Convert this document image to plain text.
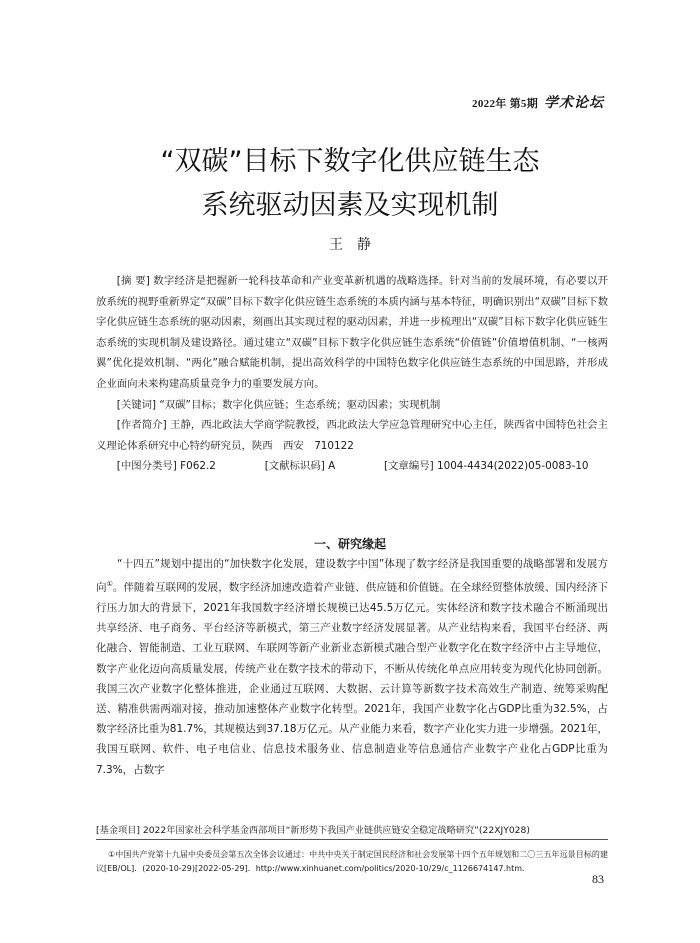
2022年 第5期 学术论坛
“双碳”目标下数字化供应链生态
系统驱动因素及实现机制
王静

[摘 要] 数字经济是把握新一轮科技革命和产业变革新机遇的战略选择。针对当前的发展环境，有必要以开放系统的视野重新界定“双碳”目标下数字化供应链生态系统的本质内涵与基本特征，明确识别出“双碳”目标下数字化供应链生态系统的驱动因素，刻画出其实现过程的驱动因素，并进一步梳理出“双碳”目标下数字化供应链生态系统的实现机制及建设路径。通过建立“双碳”目标下数字化供应链生态系统“价值链”价值增值机制、“一核两翼”优化提效机制、“两化”融合赋能机制，提出高效科学的中国特色数字化供应链生态系统的中国思路，并形成企业面向未来构建高质量竞争力的重要发展方向。

[关键词] “双碳”目标；数字化供应链；生态系统；驱动因素；实现机制

[作者简介] 王静，西北政法大学商学院教授，西北政法大学应急管理研究中心主任，陕西省中国特色社会主义理论体系研究中心特约研究员，陕西　西安　710122

[中图分类号] F062.2	[文献标识码] A	[文章编号] 1004-4434(2022)05-0083-10
一、研究缘起

“十四五”规划中提出的“加快数字化发展，建设数字中国”体现了数字经济是我国重要的战略部署和发展方向①。伴随着互联网的发展，数字经济加速改造着产业链、供应链和价值链。在全球经贸整体放缓、国内经济下行压力加大的背景下，2021年我国数字经济增长规模已达45.5万亿元。实体经济和数字技术融合不断涌现出共享经济、电子商务、平台经济等新模式，第三产业数字经济发展显著。从产业结构来看，我国平台经济、两化融合、智能制造、工业互联网、车联网等新产业新业态新模式融合型产业数字化在数字经济中占主导地位，数字产业化迈向高质量发展，传统产业在数字技术的带动下，不断从传统化单点应用转变为现代化协同创新。我国三次产业数字化整体推进，企业通过互联网、大数据、云计算等新数字技术高效生产制造、统筹采购配送、精准供需两端对接，推动加速整体产业数字化转型。2021年，我国产业数字化占GDP比重为32.5%，占数字经济比重为81.7%，其规模达到37.18万亿元。从产业能力来看，数字产业化实力进一步增强。2021年，我国互联网、软件、电子电信业、信息技术服务业、信息制造业等信息通信产业数字产业化占GDP比重为7.3%，占数字

[基金项目] 2022年国家社会科学基金西部项目“新形势下我国产业链供应链安全稳定战略研究”(22XJY028)

①中国共产党第十九届中央委员会第五次全体会议通过：中共中央关于制定国民经济和社会发展第十四个五年规划和二〇三五年远景目标的建议[EB/OL]．(2020-10-29)[2022-05-29]．http://www.xinhuanet.com/politics/2020-10/29/c_1126674147.htm.

83
